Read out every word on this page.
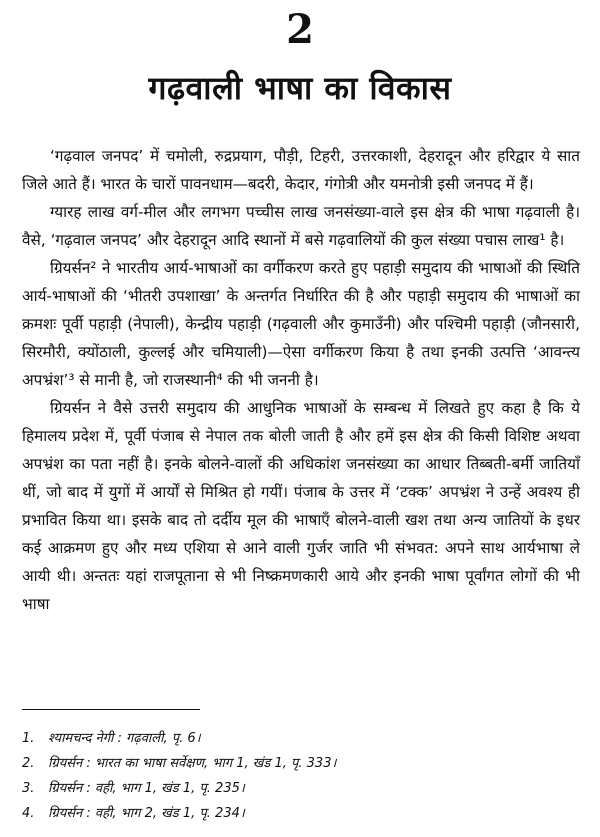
2
गढ़वाली भाषा का विकास

‘गढ़वाल जनपद’ में चमोली, रुद्रप्रयाग, पौड़ी, टिहरी, उत्तरकाशी, देहरादून और हरिद्वार ये सात जिले आते हैं। भारत के चारों पावनधाम—बदरी, केदार, गंगोत्री और यमनोत्री इसी जनपद में हैं।

ग्यारह लाख वर्ग-मील और लगभग पच्चीस लाख जनसंख्या-वाले इस क्षेत्र की भाषा गढ़वाली है। वैसे, ‘गढ़वाल जनपद’ और देहरादून आदि स्थानों में बसे गढ़वालियों की कुल संख्या पचास लाख¹ है।

ग्रियर्सन² ने भारतीय आर्य-भाषाओं का वर्गीकरण करते हुए पहाड़ी समुदाय की भाषाओं की स्थिति आर्य-भाषाओं की ‘भीतरी उपशाखा’ के अन्तर्गत निर्धारित की है और पहाड़ी समुदाय की भाषाओं का क्रमशः पूर्वी पहाड़ी (नेपाली), केन्द्रीय पहाड़ी (गढ़वाली और कुमाउँनी) और पश्चिमी पहाड़ी (जौनसारी, सिरमौरी, क्योंठाली, कुल्लई और चमियाली)—ऐसा वर्गीकरण किया है तथा इनकी उत्पत्ति ‘आवन्त्य अपभ्रंश’³ से मानी है, जो राजस्थानी⁴ की भी जननी है।

ग्रियर्सन ने वैसे उत्तरी समुदाय की आधुनिक भाषाओं के सम्बन्ध में लिखते हुए कहा है कि ये हिमालय प्रदेश में, पूर्वी पंजाब से नेपाल तक बोली जाती है और हमें इस क्षेत्र की किसी विशिष्ट अथवा अपभ्रंश का पता नहीं है। इनके बोलने-वालों की अधिकांश जनसंख्या का आधार तिब्बती-बर्मी जातियाँ थीं, जो बाद में युगों में आर्यों से मिश्रित हो गयीं। पंजाब के उत्तर में ‘टक्क’ अपभ्रंश ने उन्हें अवश्य ही प्रभावित किया था। इसके बाद तो दर्दीय मूल की भाषाएँ बोलने-वाली खश तथा अन्य जातियों के इधर कई आक्रमण हुए और मध्य एशिया से आने वाली गुर्जर जाति भी संभवत: अपने साथ आर्यभाषा ले आयी थी। अन्ततः यहां राजपूताना से भी निष्क्रमणकारी आये और इनकी भाषा पूर्वांगत लोगों की भी भाषा

1. श्यामचन्द नेगी : गढ़वाली, पृ. 6।
2. ग्रियर्सन : भारत का भाषा सर्वेक्षण, भाग 1, खंड 1, पृ. 333।
3. ग्रियर्सन : वही, भाग 1, खंड 1, पृ. 235।
4. ग्रियर्सन : वही, भाग 2, खंड 1, पृ. 234।
